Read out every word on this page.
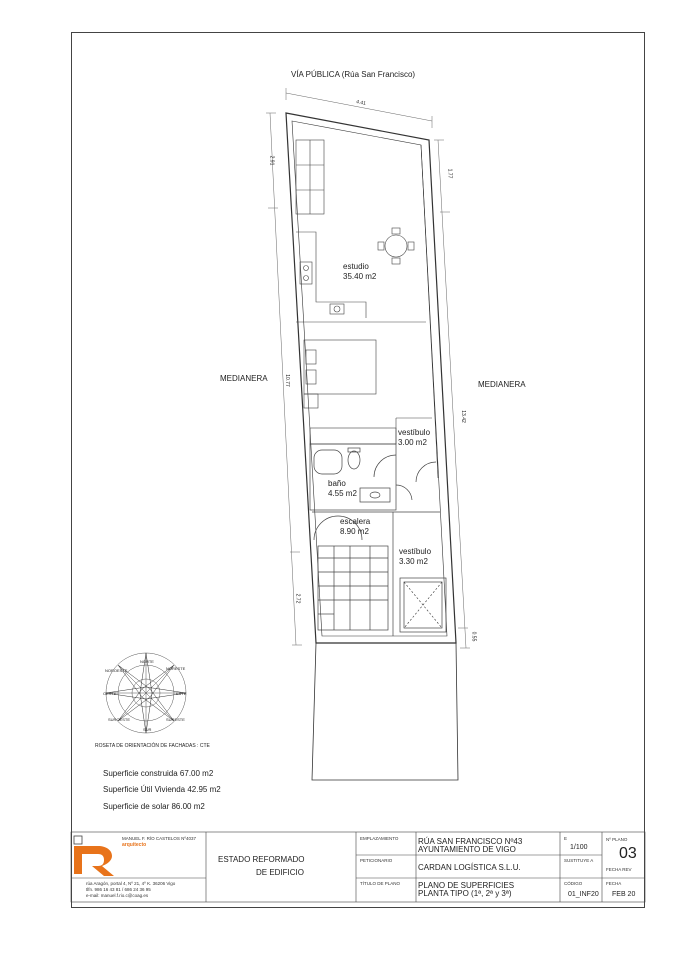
VÍA PÚBLICA (Rúa San Francisco)
MEDIANERA
MEDIANERA
4.41
2.91
10.77
2.72
1.77
13.42
0.55
estudio
35.40 m2
vestíbulo
3.00 m2
baño
4.55 m2
escalera
8.90 m2
vestíbulo
3.30 m2
NORTE
NORESTE
ESTE
SURESTE
SUR
SUROESTE
OESTE
NOROESTE
ROSETA DE ORIENTACIÓN DE FACHADAS : CTE
Superficie construida 67.00 m2
Superficie Útil Vivienda 42.95 m2
Superficie de solar 86.00 m2
MANUEL F. RÍO CASTELOS Nº4037
arquitecto
rúa Aragón, portal 4, Nº 21, 4º K. 36206 Vigo
tlfn. 986 16 43 81 / 686 24 36 95
e-mail: manuel.f.rio.c@coag.es
ESTADO REFORMADO
DE EDIFICIO
EMPLAZAMIENTO RÚA SAN FRANCISCO Nº43
AYUNTAMIENTO DE VIGO
PETICIONARIO
CARDAN LOGÍSTICA S.L.U.
TÍTULO DE PLANO PLANO DE SUPERFICIES
PLANTA TIPO (1ª, 2ª y 3ª)
E
1/100
SUSTITUYE A
CÓDIGO
01_INF20
Nº PLANO
03
FECHA REV
FECHA
FEB 20
